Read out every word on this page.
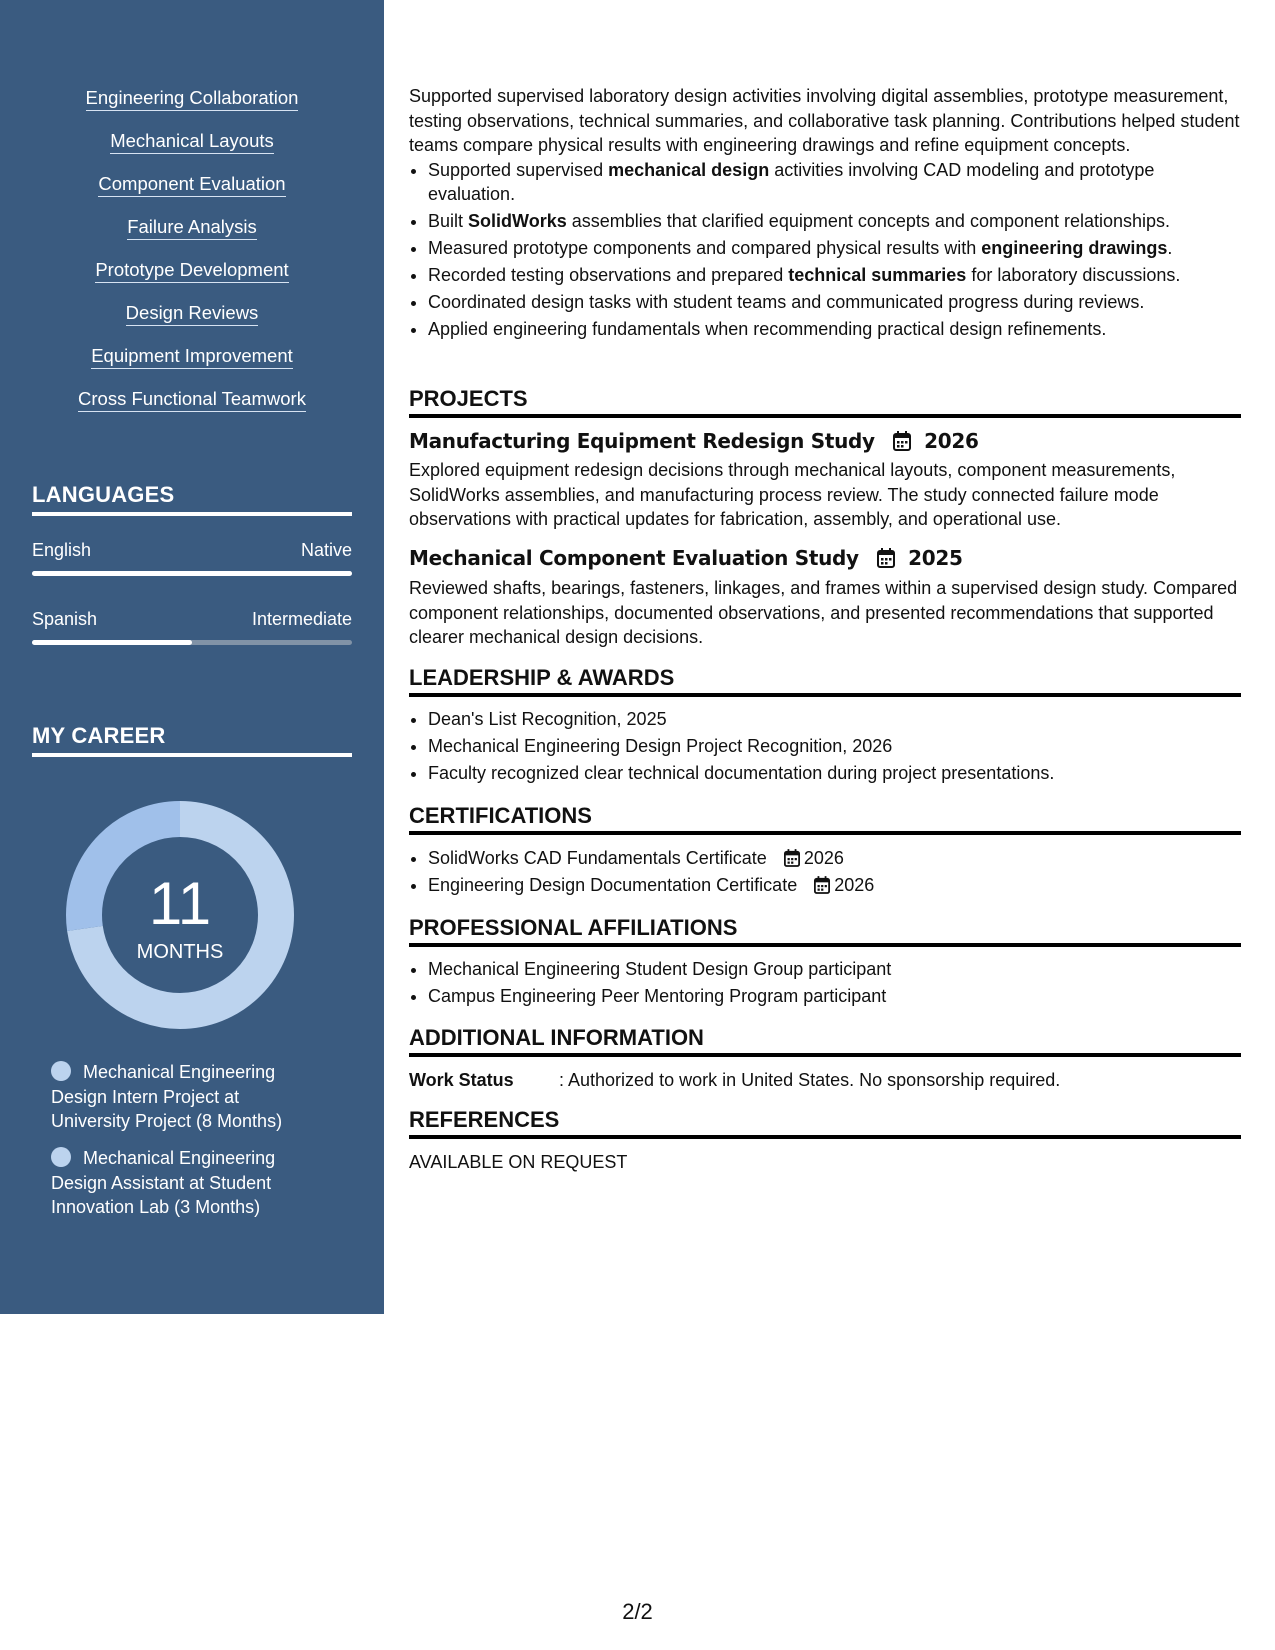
Engineering Collaboration
Mechanical Layouts
Component Evaluation
Failure Analysis
Prototype Development
Design Reviews
Equipment Improvement
Cross Functional Teamwork
LANGUAGES
English	Native
Spanish	Intermediate
MY CAREER
11
MONTHS
Mechanical Engineering Design Intern Project at University Project (8 Months)
Mechanical Engineering Design Assistant at Student Innovation Lab (3 Months)

Supported supervised laboratory design activities involving digital assemblies, prototype measurement, testing observations, technical summaries, and collaborative task planning. Contributions helped student teams compare physical results with engineering drawings and refine equipment concepts.

• Supported supervised mechanical design activities involving CAD modeling and prototype evaluation.
• Built SolidWorks assemblies that clarified equipment concepts and component relationships.
• Measured prototype components and compared physical results with engineering drawings.
• Recorded testing observations and prepared technical summaries for laboratory discussions.
• Coordinated design tasks with student teams and communicated progress during reviews.
• Applied engineering fundamentals when recommending practical design refinements.
PROJECTS
Manufacturing Equipment Redesign Study 2026

Explored equipment redesign decisions through mechanical layouts, component measurements, SolidWorks assemblies, and manufacturing process review. The study connected failure mode observations with practical updates for fabrication, assembly, and operational use.

Mechanical Component Evaluation Study 2025

Reviewed shafts, bearings, fasteners, linkages, and frames within a supervised design study. Compared component relationships, documented observations, and presented recommendations that supported clearer mechanical design decisions.

LEADERSHIP & AWARDS
• Dean's List Recognition, 2025
• Mechanical Engineering Design Project Recognition, 2026
• Faculty recognized clear technical documentation during project presentations.
CERTIFICATIONS
• SolidWorks CAD Fundamentals Certificate 2026
• Engineering Design Documentation Certificate 2026
PROFESSIONAL AFFILIATIONS
• Mechanical Engineering Student Design Group participant
• Campus Engineering Peer Mentoring Program participant
ADDITIONAL INFORMATION
Work Status	: Authorized to work in United States. No sponsorship required.
REFERENCES
AVAILABLE ON REQUEST
2/2
